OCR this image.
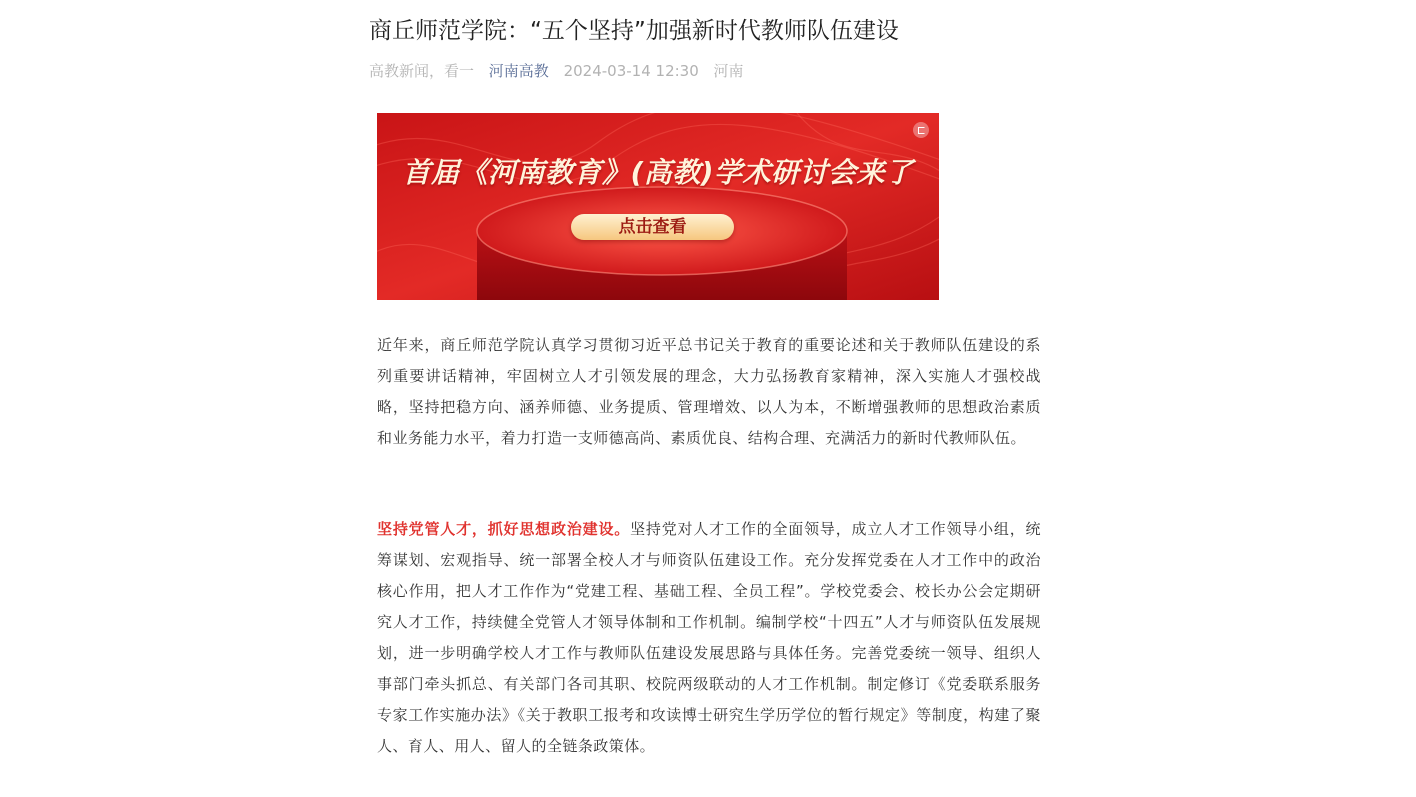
商丘师范学院：“五个坚持”加强新时代教师队伍建设
高教新闻，看一 河南高教 2024-03-14 12:30 河南
首届《河南教育》(高教)学术研讨会来了
点击查看

近年来，商丘师范学院认真学习贯彻习近平总书记关于教育的重要论述和关于教师队伍建设的系列重要讲话精神，牢固树立人才引领发展的理念，大力弘扬教育家精神，深入实施人才强校战略，坚持把稳方向、涵养师德、业务提质、管理增效、以人为本，不断增强教师的思想政治素质和业务能力水平，着力打造一支师德高尚、素质优良、结构合理、充满活力的新时代教师队伍。

坚持党管人才，抓好思想政治建设。坚持党对人才工作的全面领导，成立人才工作领导小组，统筹谋划、宏观指导、统一部署全校人才与师资队伍建设工作。充分发挥党委在人才工作中的政治核心作用，把人才工作作为“党建工程、基础工程、全员工程”。学校党委会、校长办公会定期研究人才工作，持续健全党管人才领导体制和工作机制。编制学校“十四五”人才与师资队伍发展规划，进一步明确学校人才工作与教师队伍建设发展思路与具体任务。完善党委统一领导、组织人事部门牵头抓总、有关部门各司其职、校院两级联动的人才工作机制。制定修订《党委联系服务专家工作实施办法》《关于教职工报考和攻读博士研究生学历学位的暂行规定》等制度，构建了聚人、育人、用人、留人的全链条政策体。
